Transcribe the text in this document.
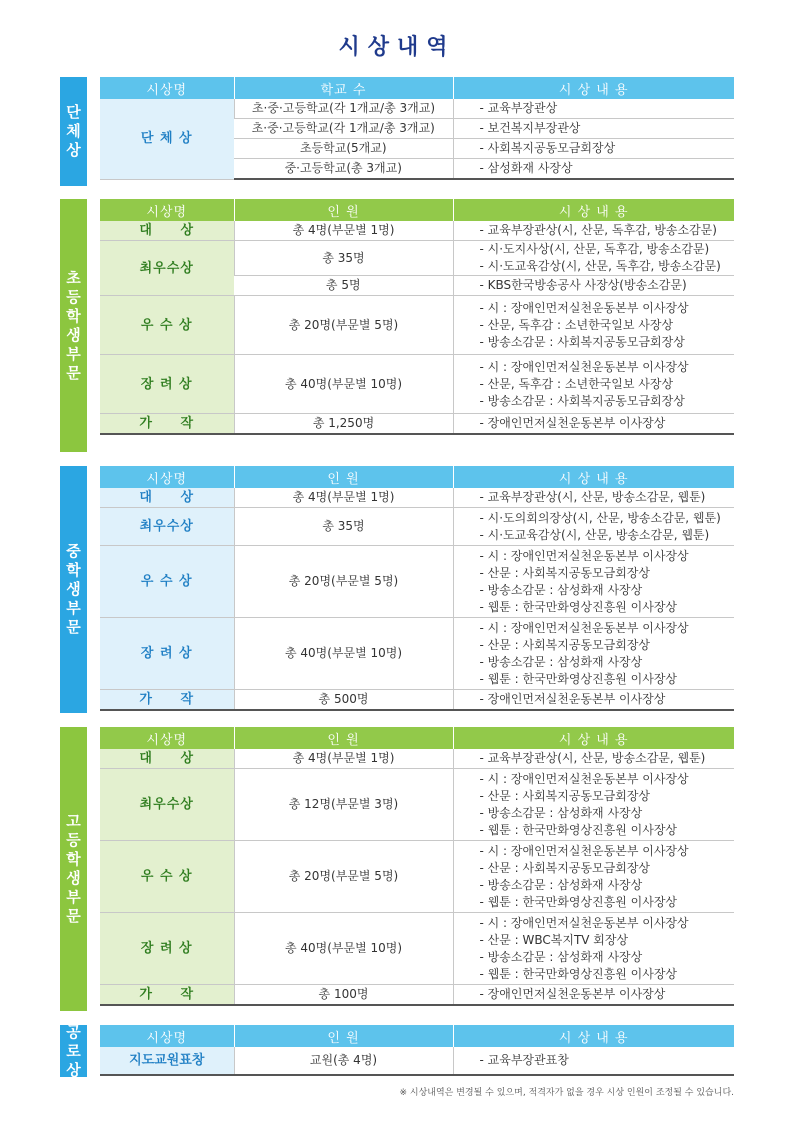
시상내역
단체상
시상명	학교 수	시 상 내 용
단 체 상	초·중·고등학교(각 1개교/총 3개교)	- 교육부장관상
	초·중·고등학교(각 1개교/총 3개교)	- 보건복지부장관상
	초등학교(5개교)	- 사회복지공동모금회장상
	중·고등학교(총 3개교)	- 삼성화재 사장상
초등학생 부문
시상명	인 원	시 상 내 용
대     상	총 4명(부문별 1명)	- 교육부장관상(시, 산문, 독후감, 방송소감문)
최우수상	총 35명	- 시·도지사상(시, 산문, 독후감, 방송소감문)
- 시·도교육감상(시, 산문, 독후감, 방송소감문)

	총 5명	- KBS한국방송공사 사장상(방송소감문)
우 수 상	총 20명(부문별 5명)	- 시 : 장애인먼저실천운동본부 이사장상
- 산문, 독후감 : 소년한국일보 사장상
- 방송소감문 : 사회복지공동모금회장상

장 려 상	총 40명(부문별 10명)	- 시 : 장애인먼저실천운동본부 이사장상
- 산문, 독후감 : 소년한국일보 사장상
- 방송소감문 : 사회복지공동모금회장상

가     작	총 1,250명	- 장애인먼저실천운동본부 이사장상
중학생 부문
시상명	인 원	시 상 내 용
대     상	총 4명(부문별 1명)	- 교육부장관상(시, 산문, 방송소감문, 웹툰)
최우수상	총 35명	- 시·도의회의장상(시, 산문, 방송소감문, 웹툰)
- 시·도교육감상(시, 산문, 방송소감문, 웹툰)

우 수 상	총 20명(부문별 5명)	- 시 : 장애인먼저실천운동본부 이사장상
- 산문 : 사회복지공동모금회장상
- 방송소감문 : 삼성화재 사장상
- 웹툰 : 한국만화영상진흥원 이사장상

장 려 상	총 40명(부문별 10명)	- 시 : 장애인먼저실천운동본부 이사장상
- 산문 : 사회복지공동모금회장상
- 방송소감문 : 삼성화재 사장상
- 웹툰 : 한국만화영상진흥원 이사장상

가     작	총 500명	- 장애인먼저실천운동본부 이사장상
고등학생 부문
시상명	인 원	시 상 내 용
대     상	총 4명(부문별 1명)	- 교육부장관상(시, 산문, 방송소감문, 웹툰)
최우수상	총 12명(부문별 3명)	- 시 : 장애인먼저실천운동본부 이사장상
- 산문 : 사회복지공동모금회장상
- 방송소감문 : 삼성화재 사장상
- 웹툰 : 한국만화영상진흥원 이사장상

우 수 상	총 20명(부문별 5명)	- 시 : 장애인먼저실천운동본부 이사장상
- 산문 : 사회복지공동모금회장상
- 방송소감문 : 삼성화재 사장상
- 웹툰 : 한국만화영상진흥원 이사장상

장 려 상	총 40명(부문별 10명)	- 시 : 장애인먼저실천운동본부 이사장상
- 산문 : WBC복지TV 회장상
- 방송소감문 : 삼성화재 사장상
- 웹툰 : 한국만화영상진흥원 이사장상

가     작	총 100명	- 장애인먼저실천운동본부 이사장상
공로상
시상명	인 원	시 상 내 용
지도교원표창	교원(총 4명)	- 교육부장관표창
※ 시상내역은 변경될 수 있으며, 적격자가 없을 경우 시상 인원이 조정될 수 있습니다.
